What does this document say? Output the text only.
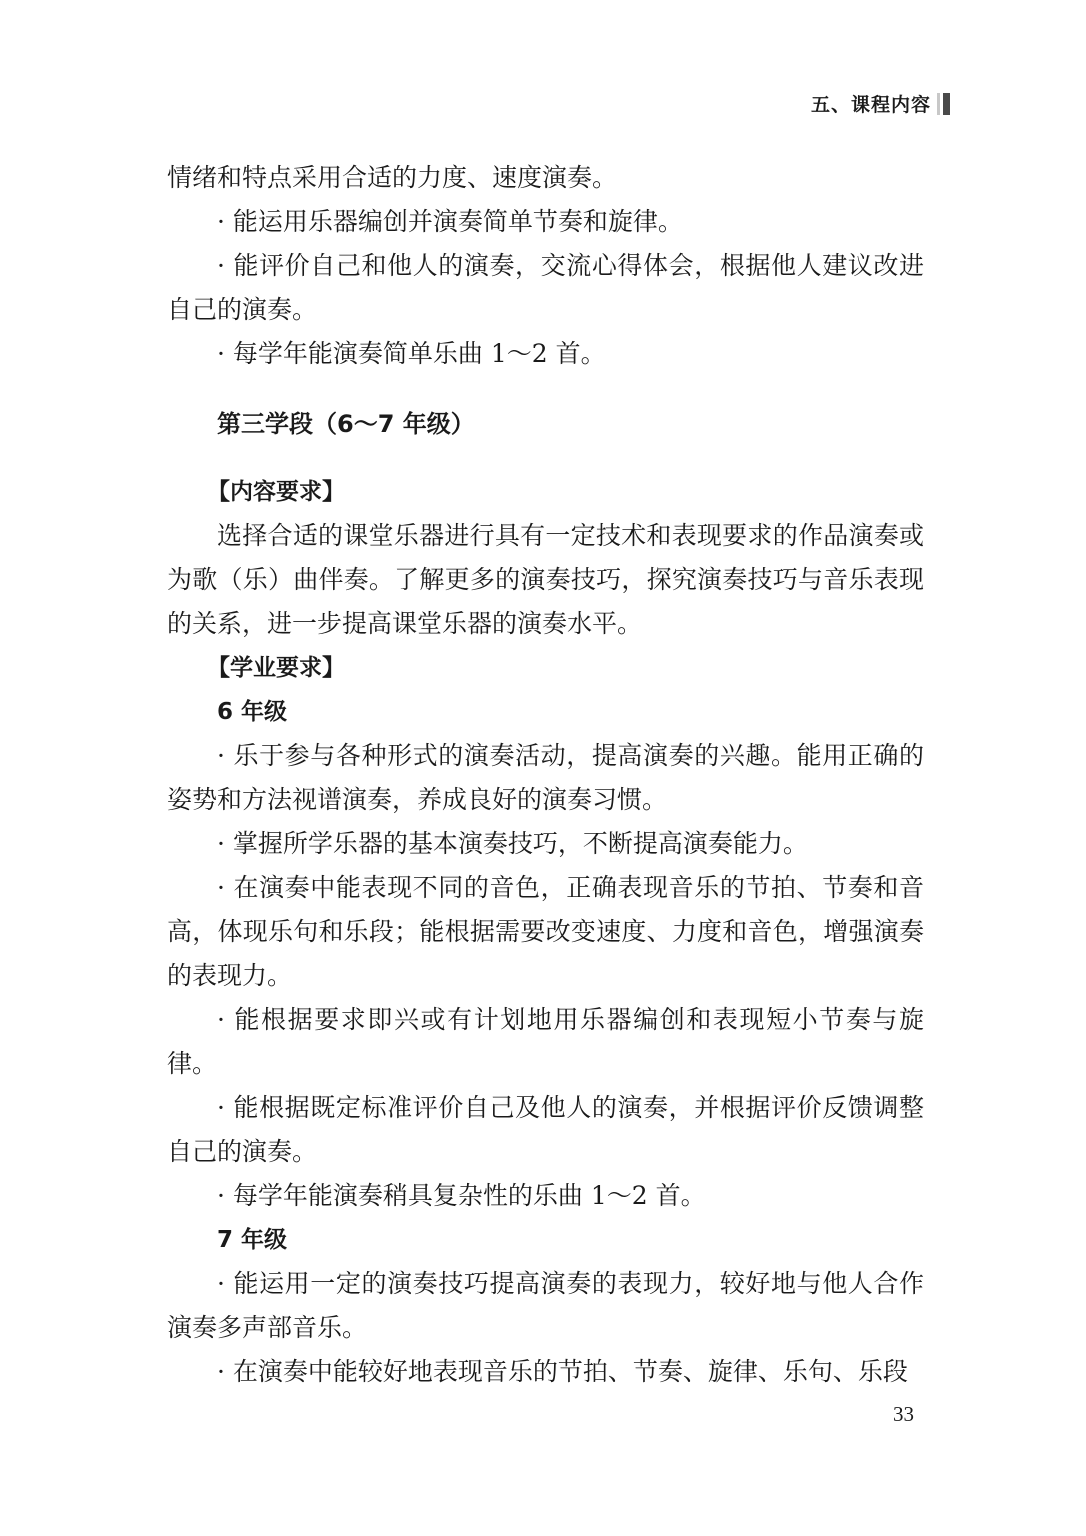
五、课程内容

情绪和特点采用合适的力度、速度演奏。

· 能运用乐器编创并演奏简单节奏和旋律。

· 能评价自己和他人的演奏，交流心得体会，根据他人建议改进自己的演奏。

· 每学年能演奏简单乐曲 1～2 首。

第三学段（6～7 年级）
【内容要求】

选择合适的课堂乐器进行具有一定技术和表现要求的作品演奏或为歌（乐）曲伴奏。了解更多的演奏技巧，探究演奏技巧与音乐表现的关系，进一步提高课堂乐器的演奏水平。

【学业要求】
6 年级

· 乐于参与各种形式的演奏活动，提高演奏的兴趣。能用正确的姿势和方法视谱演奏，养成良好的演奏习惯。

· 掌握所学乐器的基本演奏技巧，不断提高演奏能力。

· 在演奏中能表现不同的音色，正确表现音乐的节拍、节奏和音高，体现乐句和乐段；能根据需要改变速度、力度和音色，增强演奏的表现力。

· 能根据要求即兴或有计划地用乐器编创和表现短小节奏与旋律。

· 能根据既定标准评价自己及他人的演奏，并根据评价反馈调整自己的演奏。

· 每学年能演奏稍具复杂性的乐曲 1～2 首。

7 年级

· 能运用一定的演奏技巧提高演奏的表现力，较好地与他人合作演奏多声部音乐。

· 在演奏中能较好地表现音乐的节拍、节奏、旋律、乐句、乐段

33
